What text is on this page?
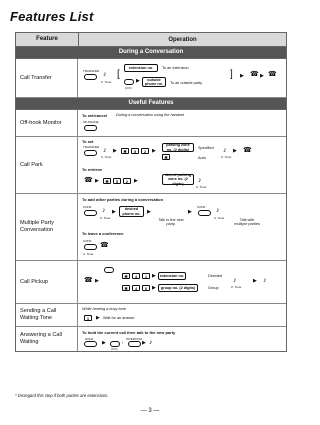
Features List
Feature	Operation
During a Conversation
Call Transfer
TRANSFER ♪
C. Tone
[
extension no.	To an extension
(CO)
▶	outside phone no.	To an outside party
] ▶ ☎ ▶ ☎
Useful Features
Off-hook Monitor
To set/cancel During a conversation using the handset
SP-PHONE
Call Park
To set
TRANSFER ♪
C. Tone
▶	✱	5	2	▶
parking zone no. (2 digits)
✱
Specified
Auto
♪
C. Tone
▶ ☎
To retrieve
☎ ▶	✱	5	2	▶
stored parking zone no. (2 digits)	♪
C. Tone
Multiple Party Conversation
To add other parties during a conversation
CONF ♪
C. Tone
▶	desired phone no.	▶
Talk to the new party.
▶
CONF ♪
C. Tone	Talk with multiple parties
To leave a conference
CONF
☎
C. Tone
Call Pickup	☎ ▶
✱	4	1 ▶	extension no.	Directed
✱	4	0 ▶	group no. (2 digits)	Group
♪
C. Tone
▶ ♪
Sending a Call Waiting Tone
While hearing a busy tone
1	▶ Wait for an answer.
Answering a Call Waiting
To hold the current call then talk to the new party
HOLD
▶
(CO)
/
INTERCOM
▶ ♪
* Disregard this step if both parties are extensions.
— 3 —
